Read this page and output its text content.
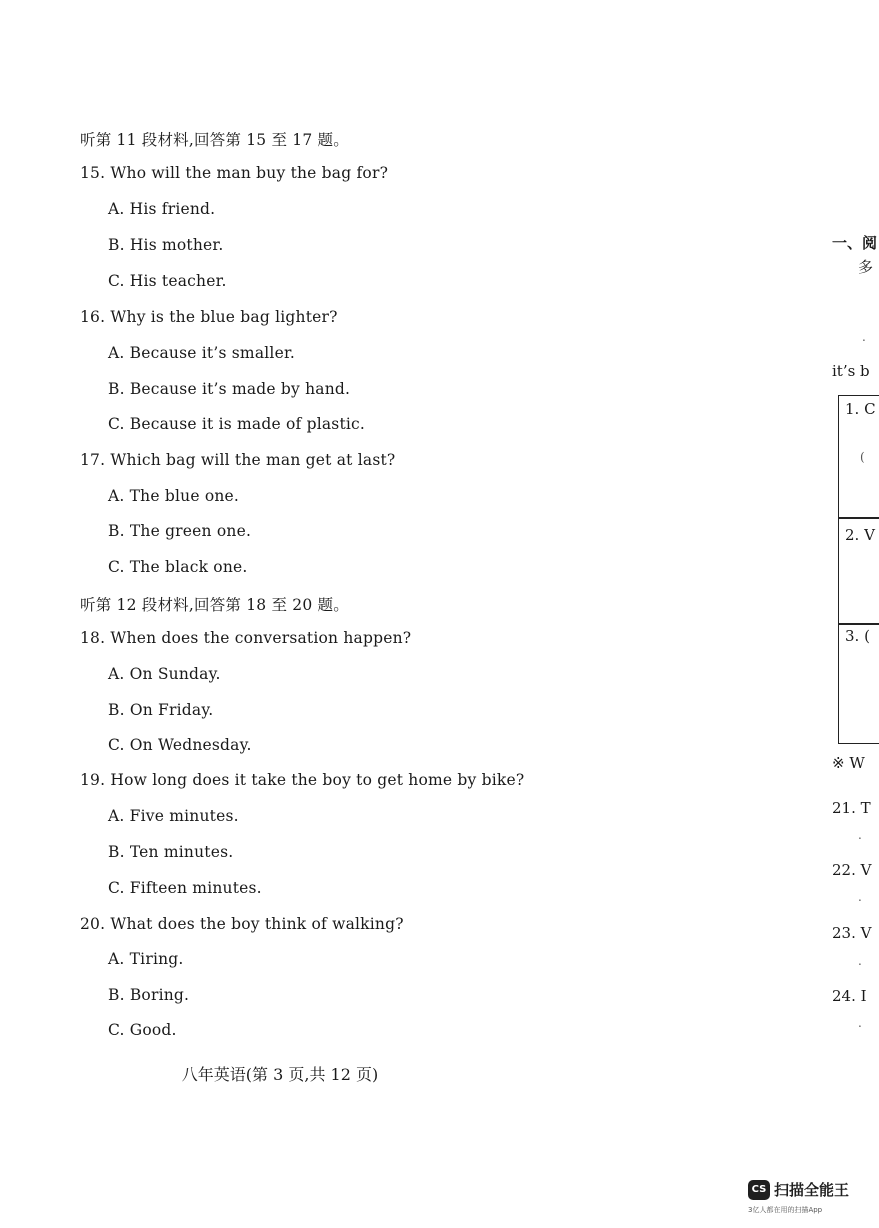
听第 11 段材料,回答第 15 至 17 题。
15. Who will the man buy the bag for?
A. His friend.
B. His mother.
C. His teacher.
16. Why is the blue bag lighter?
A. Because it’s smaller.
B. Because it’s made by hand.
C. Because it is made of plastic.
17. Which bag will the man get at last?
A. The blue one.
B. The green one.
C. The black one.
听第 12 段材料,回答第 18 至 20 题。
18. When does the conversation happen?
A. On Sunday.
B. On Friday.
C. On Wednesday.
19. How long does it take the boy to get home by bike?
A. Five minutes.
B. Ten minutes.
C. Fifteen minutes.
20. What does the boy think of walking?
A. Tiring.
B. Boring.
C. Good.
八年英语(第 3 页,共 12 页)
一、阅
多
.
it’s b
1. C
(
2. V
3. (
※ W
21. T
.
22. V
.
23. V
.
24. I
.
CS 扫描全能王
3亿人都在用的扫描App
